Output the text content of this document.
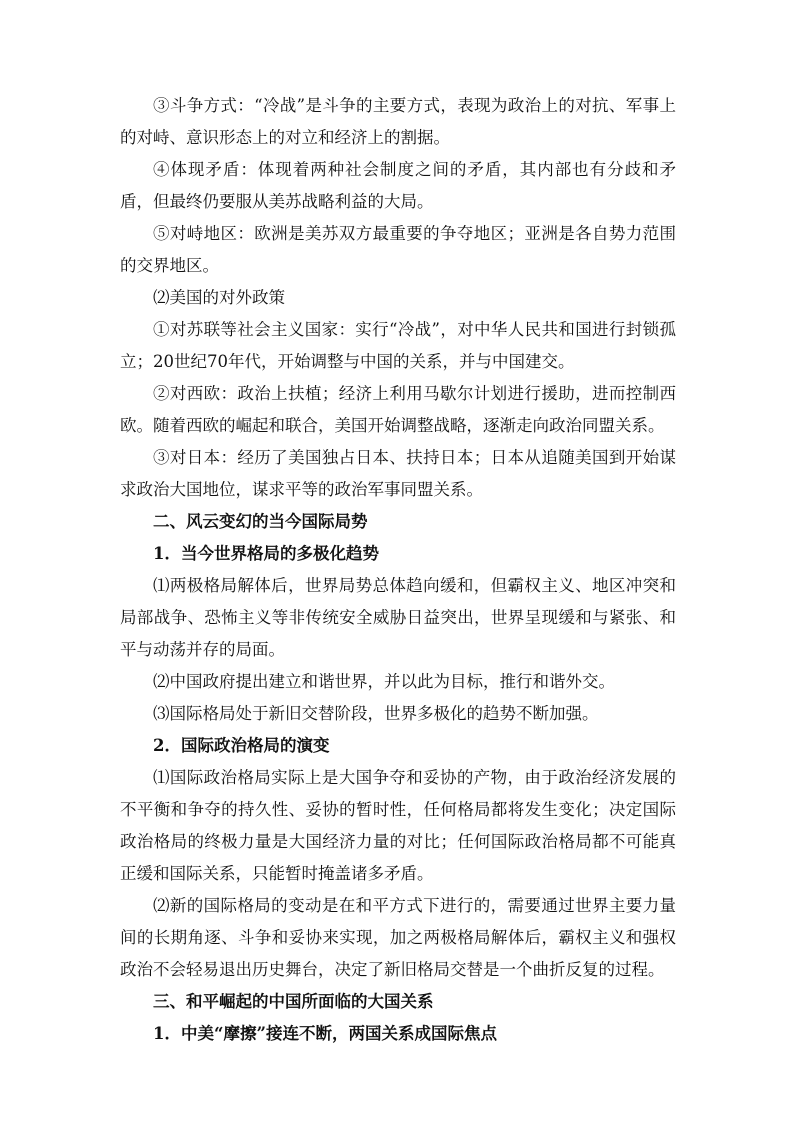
③斗争方式：“冷战”是斗争的主要方式，表现为政治上的对抗、军事上的对峙、意识形态上的对立和经济上的割据。

④体现矛盾：体现着两种社会制度之间的矛盾，其内部也有分歧和矛盾，但最终仍要服从美苏战略利益的大局。

⑤对峙地区：欧洲是美苏双方最重要的争夺地区；亚洲是各自势力范围的交界地区。

⑵美国的对外政策

①对苏联等社会主义国家：实行“冷战”，对中华人民共和国进行封锁孤立；20世纪70年代，开始调整与中国的关系，并与中国建交。

②对西欧：政治上扶植；经济上利用马歇尔计划进行援助，进而控制西欧。随着西欧的崛起和联合，美国开始调整战略，逐渐走向政治同盟关系。

③对日本：经历了美国独占日本、扶持日本；日本从追随美国到开始谋求政治大国地位，谋求平等的政治军事同盟关系。

二、风云变幻的当今国际局势

1．当今世界格局的多极化趋势

⑴两极格局解体后，世界局势总体趋向缓和，但霸权主义、地区冲突和局部战争、恐怖主义等非传统安全威胁日益突出，世界呈现缓和与紧张、和平与动荡并存的局面。

⑵中国政府提出建立和谐世界，并以此为目标，推行和谐外交。

⑶国际格局处于新旧交替阶段，世界多极化的趋势不断加强。

2．国际政治格局的演变

⑴国际政治格局实际上是大国争夺和妥协的产物，由于政治经济发展的不平衡和争夺的持久性、妥协的暂时性，任何格局都将发生变化；决定国际政治格局的终极力量是大国经济力量的对比；任何国际政治格局都不可能真正缓和国际关系，只能暂时掩盖诸多矛盾。

⑵新的国际格局的变动是在和平方式下进行的，需要通过世界主要力量间的长期角逐、斗争和妥协来实现，加之两极格局解体后，霸权主义和强权政治不会轻易退出历史舞台，决定了新旧格局交替是一个曲折反复的过程。

三、和平崛起的中国所面临的大国关系

1．中美“摩擦”接连不断，两国关系成国际焦点
